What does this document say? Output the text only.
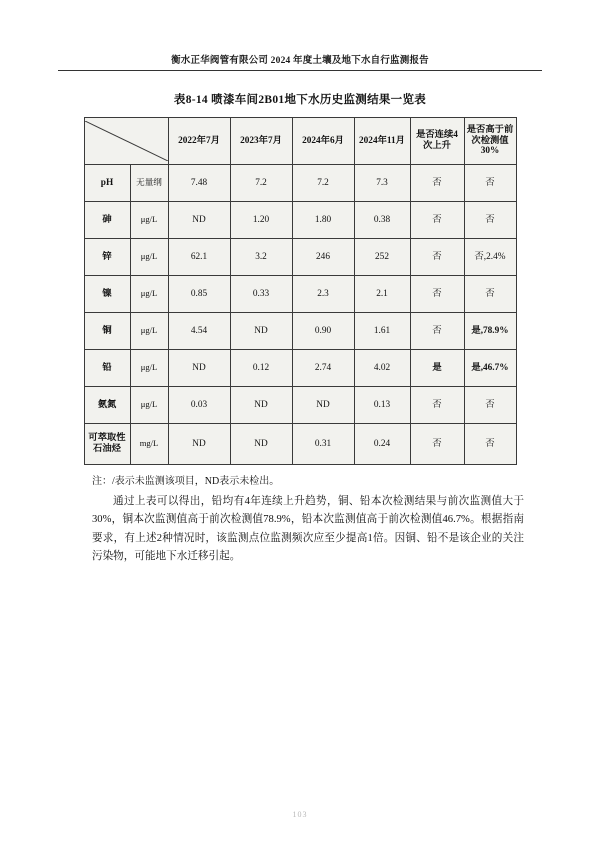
衡水正华阀管有限公司 2024 年度土壤及地下水自行监测报告
表8-14 喷漆车间2B01地下水历史监测结果一览表
	2022年7月	2023年7月	2024年6月	2024年11月	是否连续4次上升	是否高于前次检测值30%
pH	无量纲	7.48	7.2	7.2	7.3	否	否
砷	μg/L	ND	1.20	1.80	0.38	否	否
锌	μg/L	62.1	3.2	246	252	否	否,2.4%
镍	μg/L	0.85	0.33	2.3	2.1	否	否
铜	μg/L	4.54	ND	0.90	1.61	否	是,78.9%
铅	μg/L	ND	0.12	2.74	4.02	是	是,46.7%
氨氮	μg/L	0.03	ND	ND	0.13	否	否
可萃取性石油烃	mg/L	ND	ND	0.31	0.24	否	否
注：/表示未监测该项目，ND表示未检出。
通过上表可以得出，铅均有4年连续上升趋势，铜、铅本次检测结果与前次监测值大于30%，铜本次监测值高于前次检测值78.9%，铅本次监测值高于前次检测值46.7%。根据指南要求，有上述2种情况时，该监测点位监测频次应至少提高1倍。因铜、铅不是该企业的关注污染物，可能地下水迁移引起。
103
